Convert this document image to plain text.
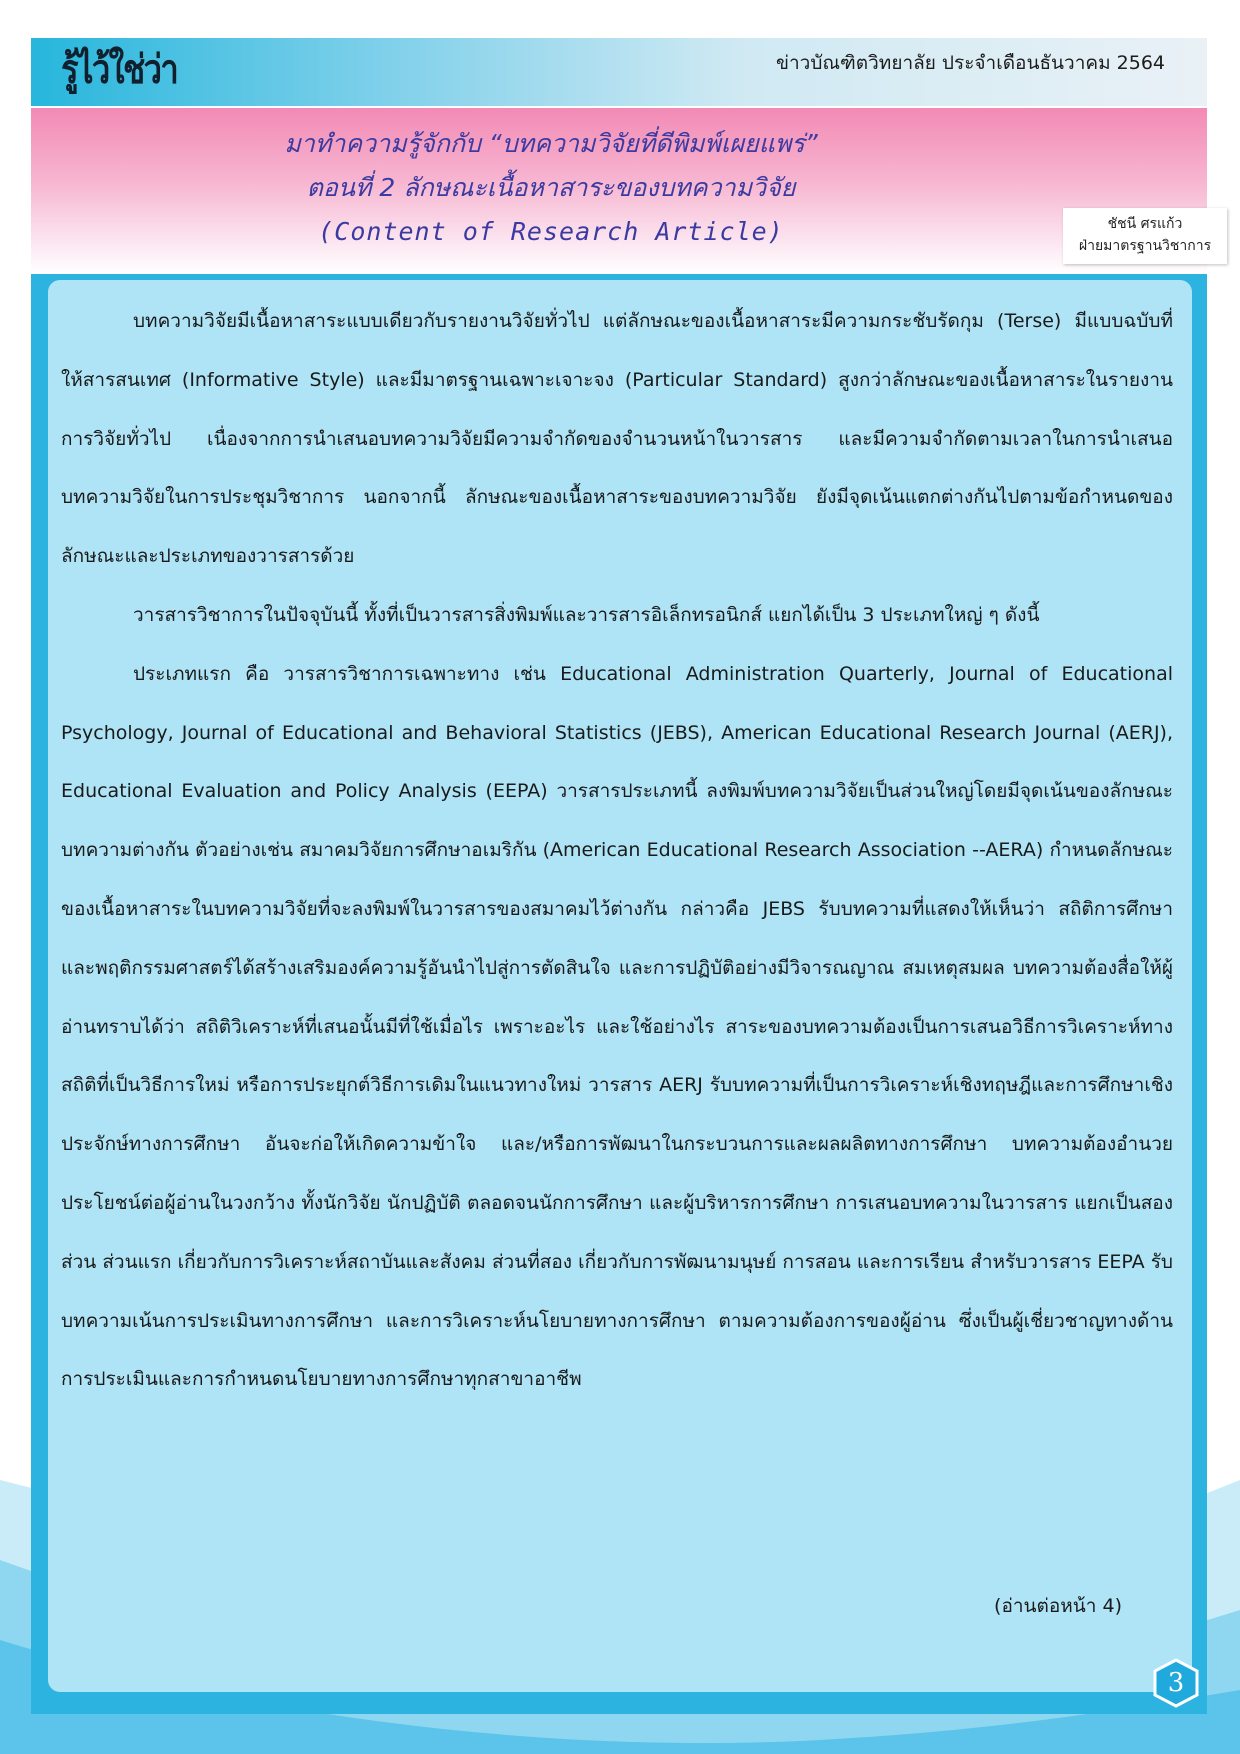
รู้ไว้ใช่ว่า	ข่าวบัณฑิตวิทยาลัย ประจำเดือนธันวาคม 2564
มาทำความรู้จักกับ “บทความวิจัยที่ดีพิมพ์เผยแพร่”
ตอนที่ 2 ลักษณะเนื้อหาสาระของบทความวิจัย
(Content of Research Article)	ชัชนี ศรแก้ว
ฝ่ายมาตรฐานวิชาการ

บทความวิจัยมีเนื้อหาสาระแบบเดียวกับรายงานวิจัยทั่วไป แต่ลักษณะของเนื้อหาสาระมีความกระชับรัดกุม (Terse) มีแบบฉบับที่ให้สารสนเทศ (Informative Style) และมีมาตรฐานเฉพาะเจาะจง (Particular Standard) สูงกว่าลักษณะของเนื้อหาสาระในรายงานการวิจัยทั่วไป เนื่องจากการนำเสนอบทความวิจัยมีความจำกัดของจำนวนหน้าในวารสาร และมีความจำกัดตามเวลาในการนำเสนอบทความวิจัยในการประชุมวิชาการ นอกจากนี้ ลักษณะของเนื้อหาสาระของบทความวิจัย ยังมีจุดเน้นแตกต่างกันไปตามข้อกำหนดของลักษณะและประเภทของวารสารด้วย

วารสารวิชาการในปัจจุบันนี้ ทั้งที่เป็นวารสารสิ่งพิมพ์และวารสารอิเล็กทรอนิกส์ แยกได้เป็น 3 ประเภทใหญ่ ๆ ดังนี้

ประเภทแรก คือ วารสารวิชาการเฉพาะทาง เช่น Educational Administration Quarterly, Journal of Educational Psychology, Journal of Educational and Behavioral Statistics (JEBS), American Educational Research Journal (AERJ), Educational Evaluation and Policy Analysis (EEPA) วารสารประเภทนี้ ลงพิมพ์บทความวิจัยเป็นส่วนใหญ่โดยมีจุดเน้นของลักษณะบทความต่างกัน ตัวอย่างเช่น สมาคมวิจัยการศึกษาอเมริกัน (American Educational Research Association --AERA) กำหนดลักษณะของเนื้อหาสาระในบทความวิจัยที่จะลงพิมพ์ในวารสารของสมาคมไว้ต่างกัน กล่าวคือ JEBS รับบทความที่แสดงให้เห็นว่า สถิติการศึกษาและพฤติกรรมศาสตร์ได้สร้างเสริมองค์ความรู้อันนำไปสู่การตัดสินใจ และการปฏิบัติอย่างมีวิจารณญาณ สมเหตุสมผล บทความต้องสื่อให้ผู้อ่านทราบได้ว่า สถิติวิเคราะห์ที่เสนอนั้นมีที่ใช้เมื่อไร เพราะอะไร และใช้อย่างไร สาระของบทความต้องเป็นการเสนอวิธีการวิเคราะห์ทางสถิติที่เป็นวิธีการใหม่ หรือการประยุกต์วิธีการเดิมในแนวทางใหม่ วารสาร AERJ รับบทความที่เป็นการวิเคราะห์เชิงทฤษฎีและการศึกษาเชิงประจักษ์ทางการศึกษา อันจะก่อให้เกิดความข้าใจ และ/หรือการพัฒนาในกระบวนการและผลผลิตทางการศึกษา บทความต้องอำนวยประโยชน์ต่อผู้อ่านในวงกว้าง ทั้งนักวิจัย นักปฏิบัติ ตลอดจนนักการศึกษา และผู้บริหารการศึกษา การเสนอบทความในวารสาร แยกเป็นสองส่วน ส่วนแรก เกี่ยวกับการวิเคราะห์สถาบันและสังคม ส่วนที่สอง เกี่ยวกับการพัฒนามนุษย์ การสอน และการเรียน สำหรับวารสาร EEPA รับบทความเน้นการประเมินทางการศึกษา และการวิเคราะห์นโยบายทางการศึกษา ตามความต้องการของผู้อ่าน ซึ่งเป็นผู้เชี่ยวชาญทางด้านการประเมินและการกำหนดนโยบายทางการศึกษาทุกสาขาอาชีพ

(อ่านต่อหน้า 4)
3
